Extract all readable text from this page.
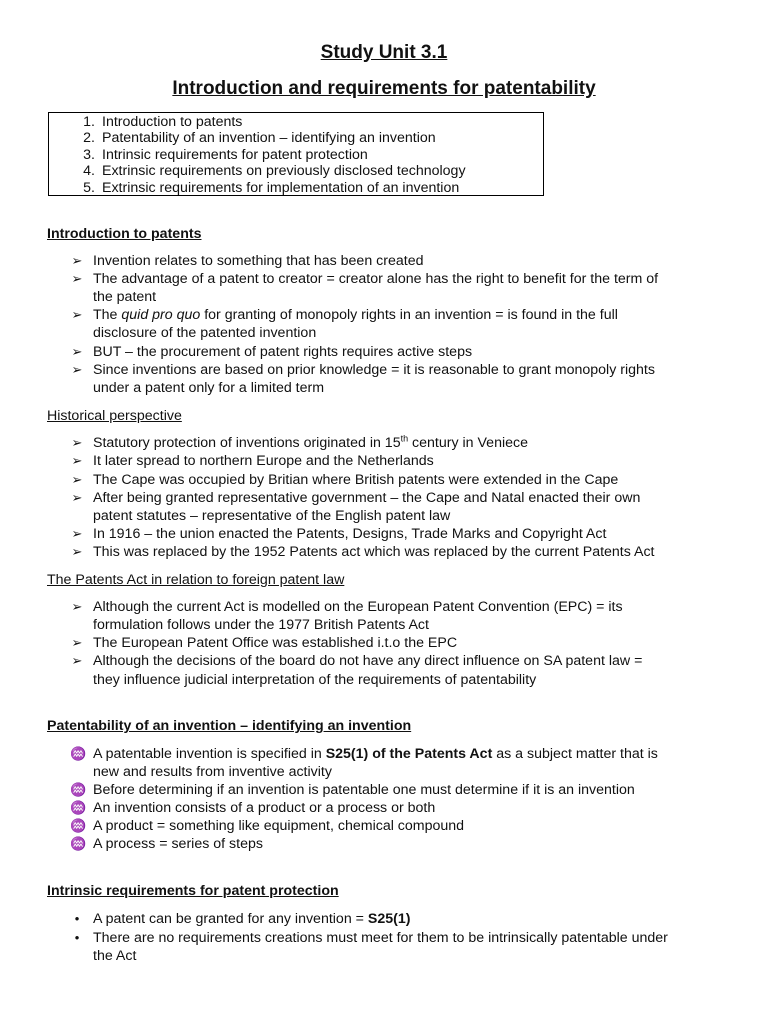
Study Unit 3.1
Introduction and requirements for patentability
1. Introduction to patents
2. Patentability of an invention – identifying an invention
3. Intrinsic requirements for patent protection
4. Extrinsic requirements on previously disclosed technology
5. Extrinsic requirements for implementation of an invention
Introduction to patents
➢ Invention relates to something that has been created
➢ The advantage of a patent to creator = creator alone has the right to benefit for the term of
the patent
➢ The quid pro quo for granting of monopoly rights in an invention = is found in the full
disclosure of the patented invention
➢ BUT – the procurement of patent rights requires active steps
➢ Since inventions are based on prior knowledge = it is reasonable to grant monopoly rights
under a patent only for a limited term
Historical perspective
➢ Statutory protection of inventions originated in 15th century in Veniece
➢ It later spread to northern Europe and the Netherlands
➢ The Cape was occupied by Britian where British patents were extended in the Cape
➢ After being granted representative government – the Cape and Natal enacted their own
patent statutes – representative of the English patent law
➢ In 1916 – the union enacted the Patents, Designs, Trade Marks and Copyright Act
➢ This was replaced by the 1952 Patents act which was replaced by the current Patents Act
The Patents Act in relation to foreign patent law
➢ Although the current Act is modelled on the European Patent Convention (EPC) = its
formulation follows under the 1977 British Patents Act
➢ The European Patent Office was established i.t.o the EPC
➢ Although the decisions of the board do not have any direct influence on SA patent law =
they influence judicial interpretation of the requirements of patentability
Patentability of an invention – identifying an invention
♒ A patentable invention is specified in S25(1) of the Patents Act as a subject matter that is
new and results from inventive activity
♒ Before determining if an invention is patentable one must determine if it is an invention
♒ An invention consists of a product or a process or both
♒ A product = something like equipment, chemical compound
♒ A process = series of steps
Intrinsic requirements for patent protection
• A patent can be granted for any invention = S25(1)
• There are no requirements creations must meet for them to be intrinsically patentable under
the Act
